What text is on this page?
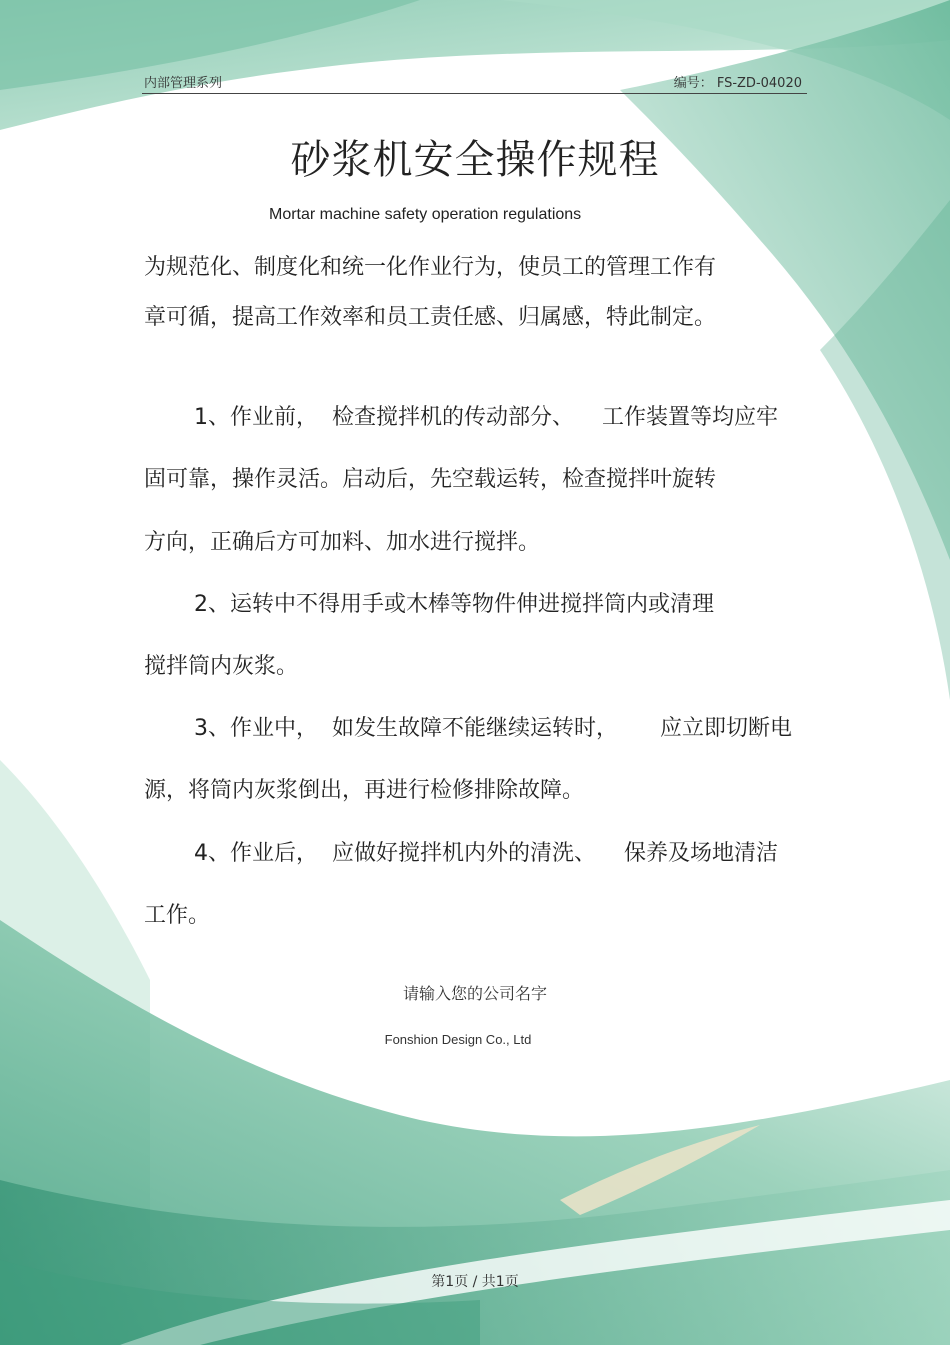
内部管理系列	编号： FS-ZD-04020
砂浆机安全操作规程
Mortar machine safety operation regulations
为规范化、制度化和统一化作业行为，使员工的管理工作有
章可循，提高工作效率和员工责任感、归属感，特此制定。
1、作业前，  检查搅拌机的传动部分、    工作装置等均应牢
固可靠，操作灵活。启动后，先空载运转，检查搅拌叶旋转
方向，正确后方可加料、加水进行搅拌。
2、运转中不得用手或木棒等物件伸进搅拌筒内或清理
搅拌筒内灰浆。
3、作业中，  如发生故障不能继续运转时，      应立即切断电
源，将筒内灰浆倒出，再进行检修排除故障。
4、作业后，  应做好搅拌机内外的清洗、    保养及场地清洁
工作。
请输入您的公司名字
Fonshion Design Co., Ltd
第1页 / 共1页
